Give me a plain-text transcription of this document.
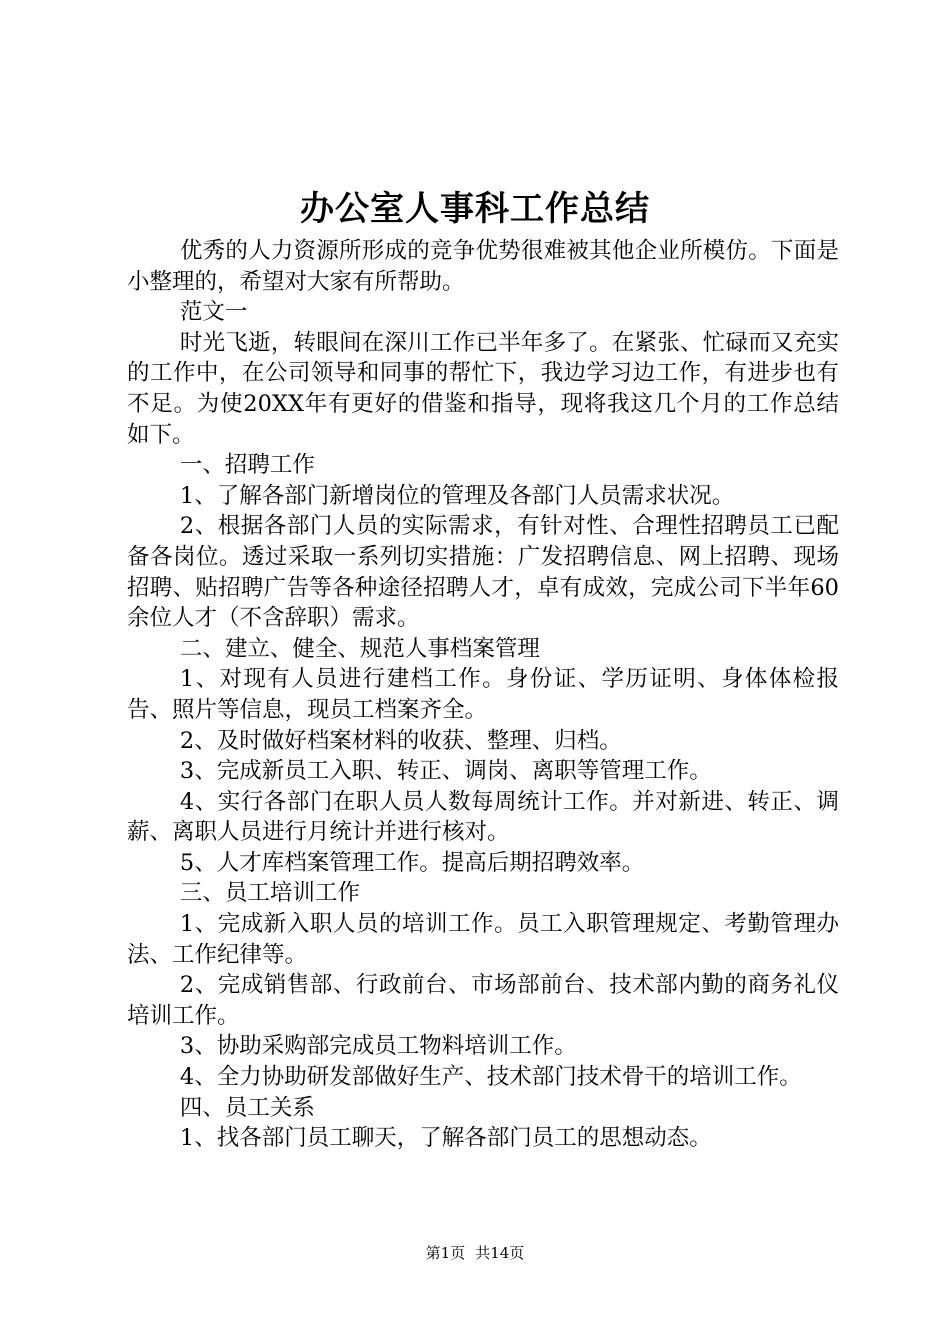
办公室人事科工作总结

优秀的人力资源所形成的竞争优势很难被其他企业所模仿。下面是小整理的，希望对大家有所帮助。

范文一

时光飞逝，转眼间在深川工作已半年多了。在紧张、忙碌而又充实的工作中，在公司领导和同事的帮忙下，我边学习边工作，有进步也有不足。为使20XX年有更好的借鉴和指导，现将我这几个月的工作总结如下。

一、招聘工作

1、了解各部门新增岗位的管理及各部门人员需求状况。

2、根据各部门人员的实际需求，有针对性、合理性招聘员工已配备各岗位。透过采取一系列切实措施：广发招聘信息、网上招聘、现场招聘、贴招聘广告等各种途径招聘人才，卓有成效，完成公司下半年60余位人才（不含辞职）需求。

二、建立、健全、规范人事档案管理

1、对现有人员进行建档工作。身份证、学历证明、身体体检报告、照片等信息，现员工档案齐全。

2、及时做好档案材料的收获、整理、归档。

3、完成新员工入职、转正、调岗、离职等管理工作。

4、实行各部门在职人员人数每周统计工作。并对新进、转正、调薪、离职人员进行月统计并进行核对。

5、人才库档案管理工作。提高后期招聘效率。

三、员工培训工作

1、完成新入职人员的培训工作。员工入职管理规定、考勤管理办法、工作纪律等。

2、完成销售部、行政前台、市场部前台、技术部内勤的商务礼仪培训工作。

3、协助采购部完成员工物料培训工作。

4、全力协助研发部做好生产、技术部门技术骨干的培训工作。

四、员工关系

1、找各部门员工聊天，了解各部门员工的思想动态。

第1页 共14页
